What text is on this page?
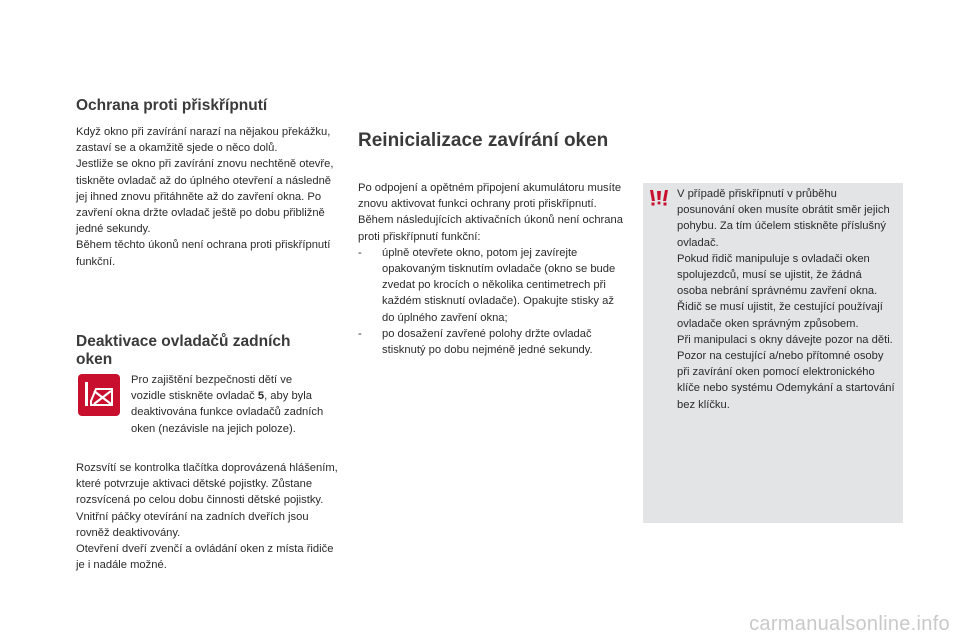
Ochrana proti přiskřípnutí

Když okno při zavírání narazí na nějakou překážku, zastaví se a okamžitě sjede o něco dolů.

Jestliže se okno při zavírání znovu nechtěně otevře, tiskněte ovladač až do úplného otevření a následně jej ihned znovu přitáhněte až do zavření okna. Po zavření okna držte ovladač ještě po dobu přibližně jedné sekundy.

Během těchto úkonů není ochrana proti přiskřípnutí funkční.

Deaktivace ovladačů zadních oken

Pro zajištění bezpečnosti dětí ve vozidle stiskněte ovladač 5, aby byla deaktivována funkce ovladačů zadních oken (nezávisle na jejich poloze).

Rozsvítí se kontrolka tlačítka doprovázená hlášením, které potvrzuje aktivaci dětské pojistky. Zůstane rozsvícená po celou dobu činnosti dětské pojistky.

Vnitřní páčky otevírání na zadních dveřích jsou rovněž deaktivovány.

Otevření dveří zvenčí a ovládání oken z místa řidiče je i nadále možné.

Reinicializace zavírání oken

Po odpojení a opětném připojení akumulátoru musíte znovu aktivovat funkci ochrany proti přiskřípnutí.

Během následujících aktivačních úkonů není ochrana proti přiskřípnutí funkční:

- úplně otevřete okno, potom jej zavírejte opakovaným tisknutím ovladače (okno se bude zvedat po krocích o několika centimetrech při každém stisknutí ovladače). Opakujte stisky až do úplného zavření okna;
- po dosažení zavřené polohy držte ovladač stisknutý po dobu nejméně jedné sekundy.

V případě přiskřípnutí v průběhu posunování oken musíte obrátit směr jejich pohybu. Za tím účelem stiskněte příslušný ovladač.

Pokud řidič manipuluje s ovladači oken spolujezdců, musí se ujistit, že žádná osoba nebrání správnému zavření okna.

Řidič se musí ujistit, že cestující používají ovladače oken správným způsobem.

Při manipulaci s okny dávejte pozor na děti.

Pozor na cestující a/nebo přítomné osoby při zavírání oken pomocí elektronického klíče nebo systému Odemykání a startování bez klíčku.

carmanualsonline.info
